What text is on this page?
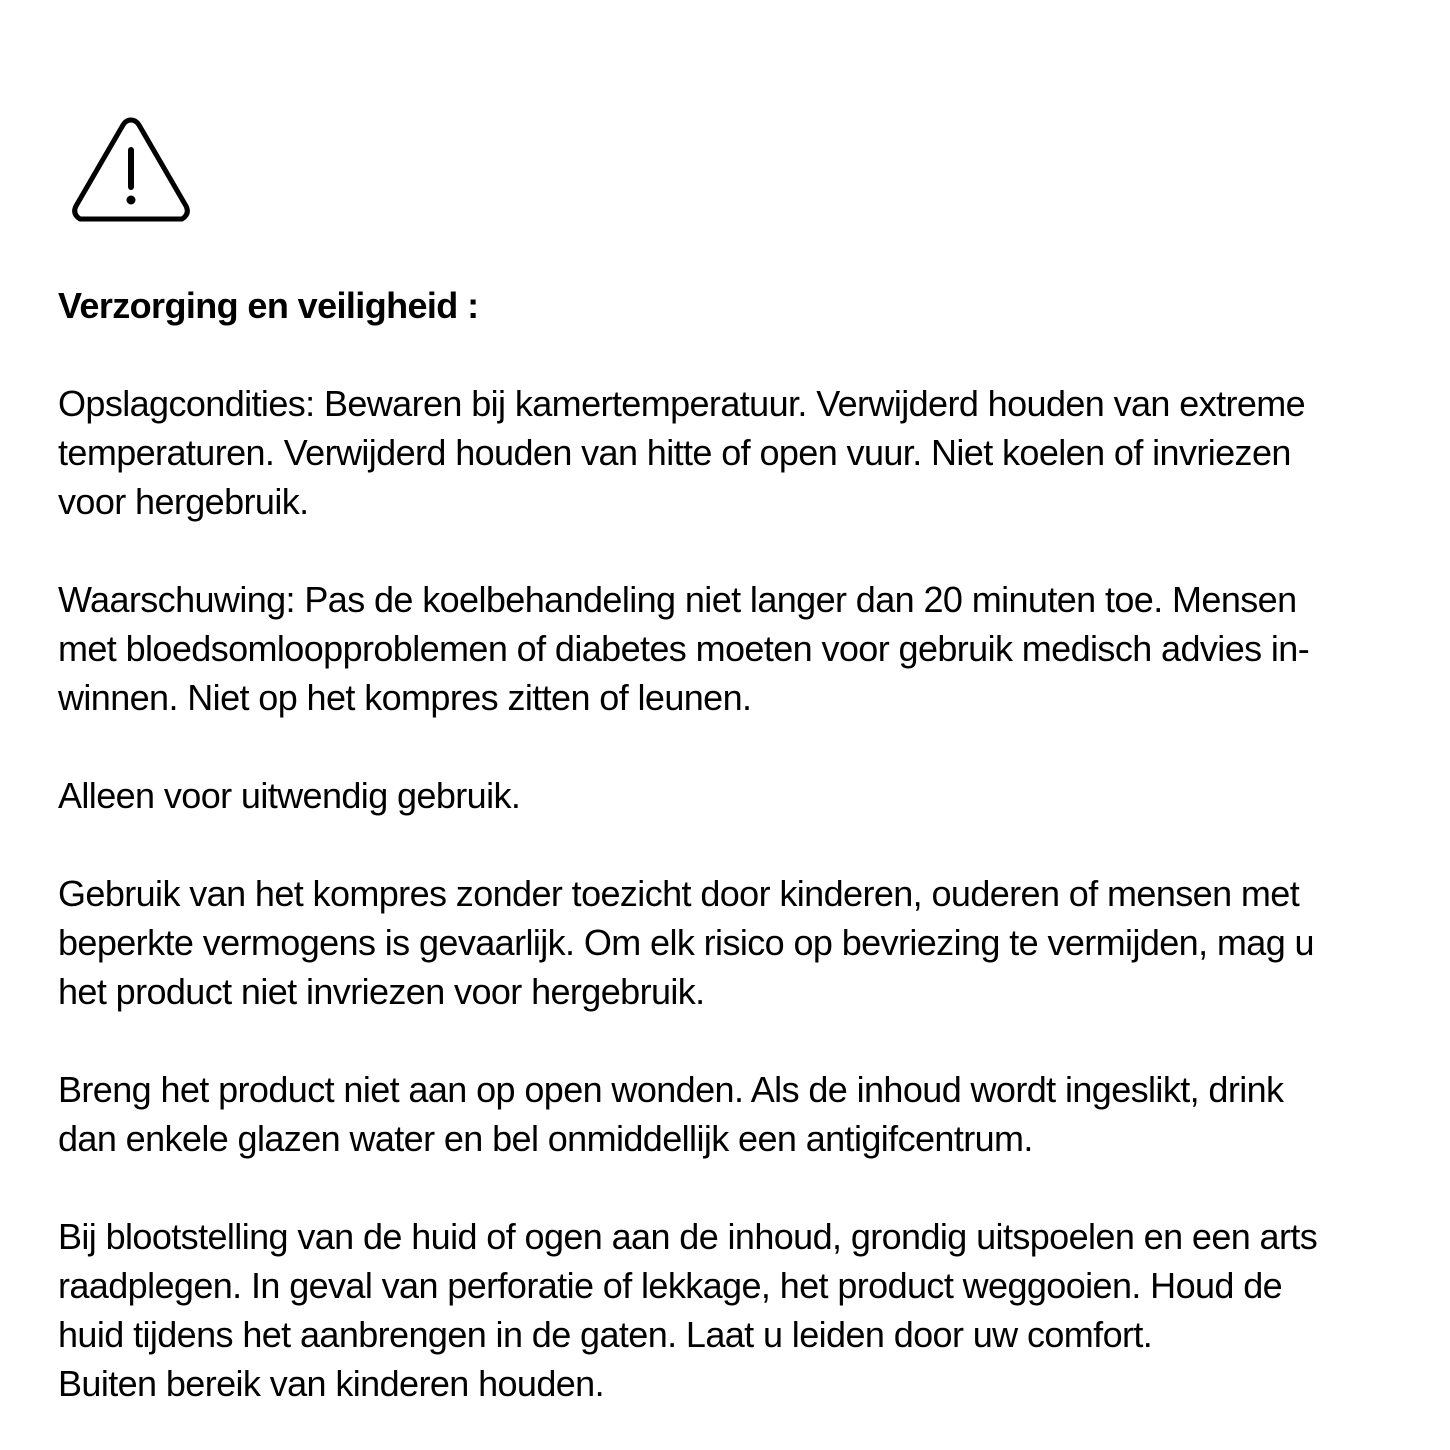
Verzorging en veiligheid :

Opslagcondities: Bewaren bij kamertemperatuur. Verwijderd houden van extreme
temperaturen. Verwijderd houden van hitte of open vuur. Niet koelen of invriezen
voor hergebruik.

Waarschuwing: Pas de koelbehandeling niet langer dan 20 minuten toe. Mensen
met bloedsomloopproblemen of diabetes moeten voor gebruik medisch advies in-
winnen. Niet op het kompres zitten of leunen.

Alleen voor uitwendig gebruik.

Gebruik van het kompres zonder toezicht door kinderen, ouderen of mensen met
beperkte vermogens is gevaarlijk. Om elk risico op bevriezing te vermijden, mag u
het product niet invriezen voor hergebruik.

Breng het product niet aan op open wonden. Als de inhoud wordt ingeslikt, drink
dan enkele glazen water en bel onmiddellijk een antigifcentrum.

Bij blootstelling van de huid of ogen aan de inhoud, grondig uitspoelen en een arts
raadplegen. In geval van perforatie of lekkage, het product weggooien. Houd de
huid tijdens het aanbrengen in de gaten. Laat u leiden door uw comfort.
Buiten bereik van kinderen houden.
